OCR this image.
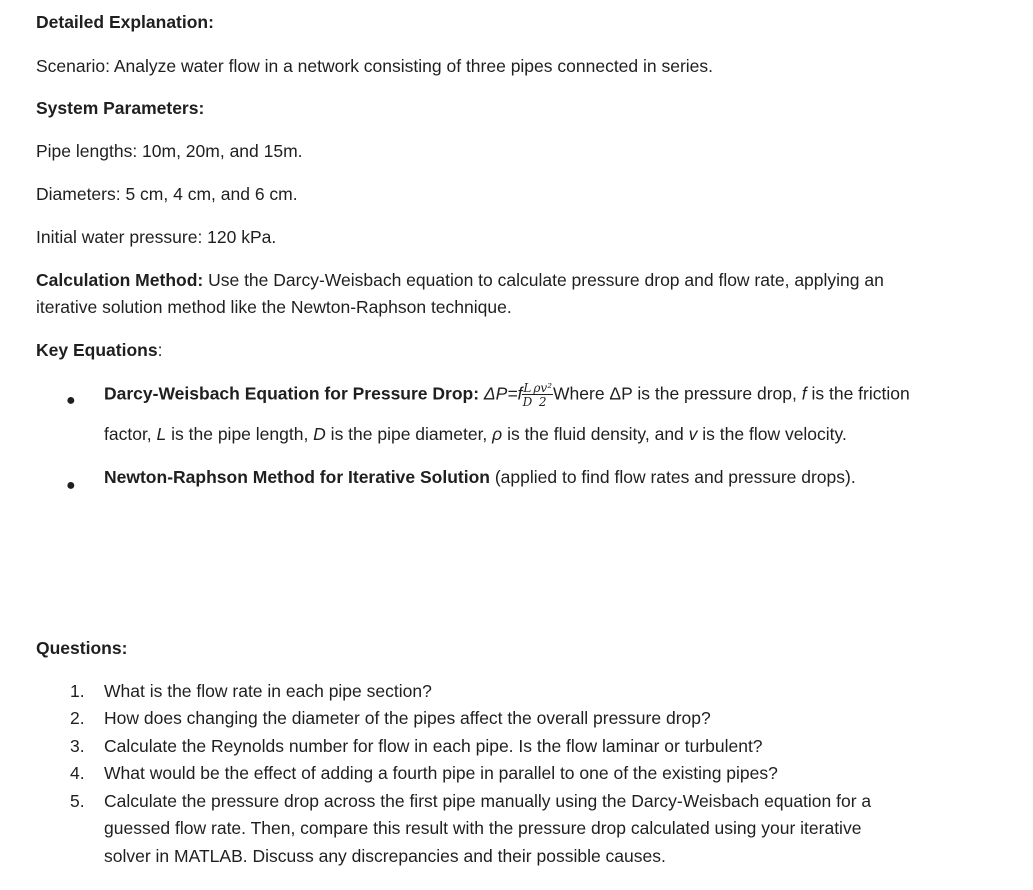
Detailed Explanation:
Scenario: Analyze water flow in a network consisting of three pipes connected in series.
System Parameters:
Pipe lengths: 10m, 20m, and 15m.
Diameters: 5 cm, 4 cm, and 6 cm.
Initial water pressure: 120 kPa.
Calculation Method: Use the Darcy-Weisbach equation to calculate pressure drop and flow rate, applying an
iterative solution method like the Newton-Raphson technique.
Key Equations:
● Darcy-Weisbach Equation for Pressure Drop: $\Delta P=f \frac{L}{D} \frac{\text{ρv²}}{2}$ Where ΔP is the pressure drop, f is the friction
factor, L is the pipe length, D is the pipe diameter, ρ is the fluid density, and v is the flow velocity.
● Newton-Raphson Method for Iterative Solution (applied to find flow rates and pressure drops).
Questions:
1. What is the flow rate in each pipe section?
2. How does changing the diameter of the pipes affect the overall pressure drop?
3. Calculate the Reynolds number for flow in each pipe. Is the flow laminar or turbulent?
4. What would be the effect of adding a fourth pipe in parallel to one of the existing pipes?
5. Calculate the pressure drop across the first pipe manually using the Darcy-Weisbach equation for a
guessed flow rate. Then, compare this result with the pressure drop calculated using your iterative
solver in MATLAB. Discuss any discrepancies and their possible causes.
